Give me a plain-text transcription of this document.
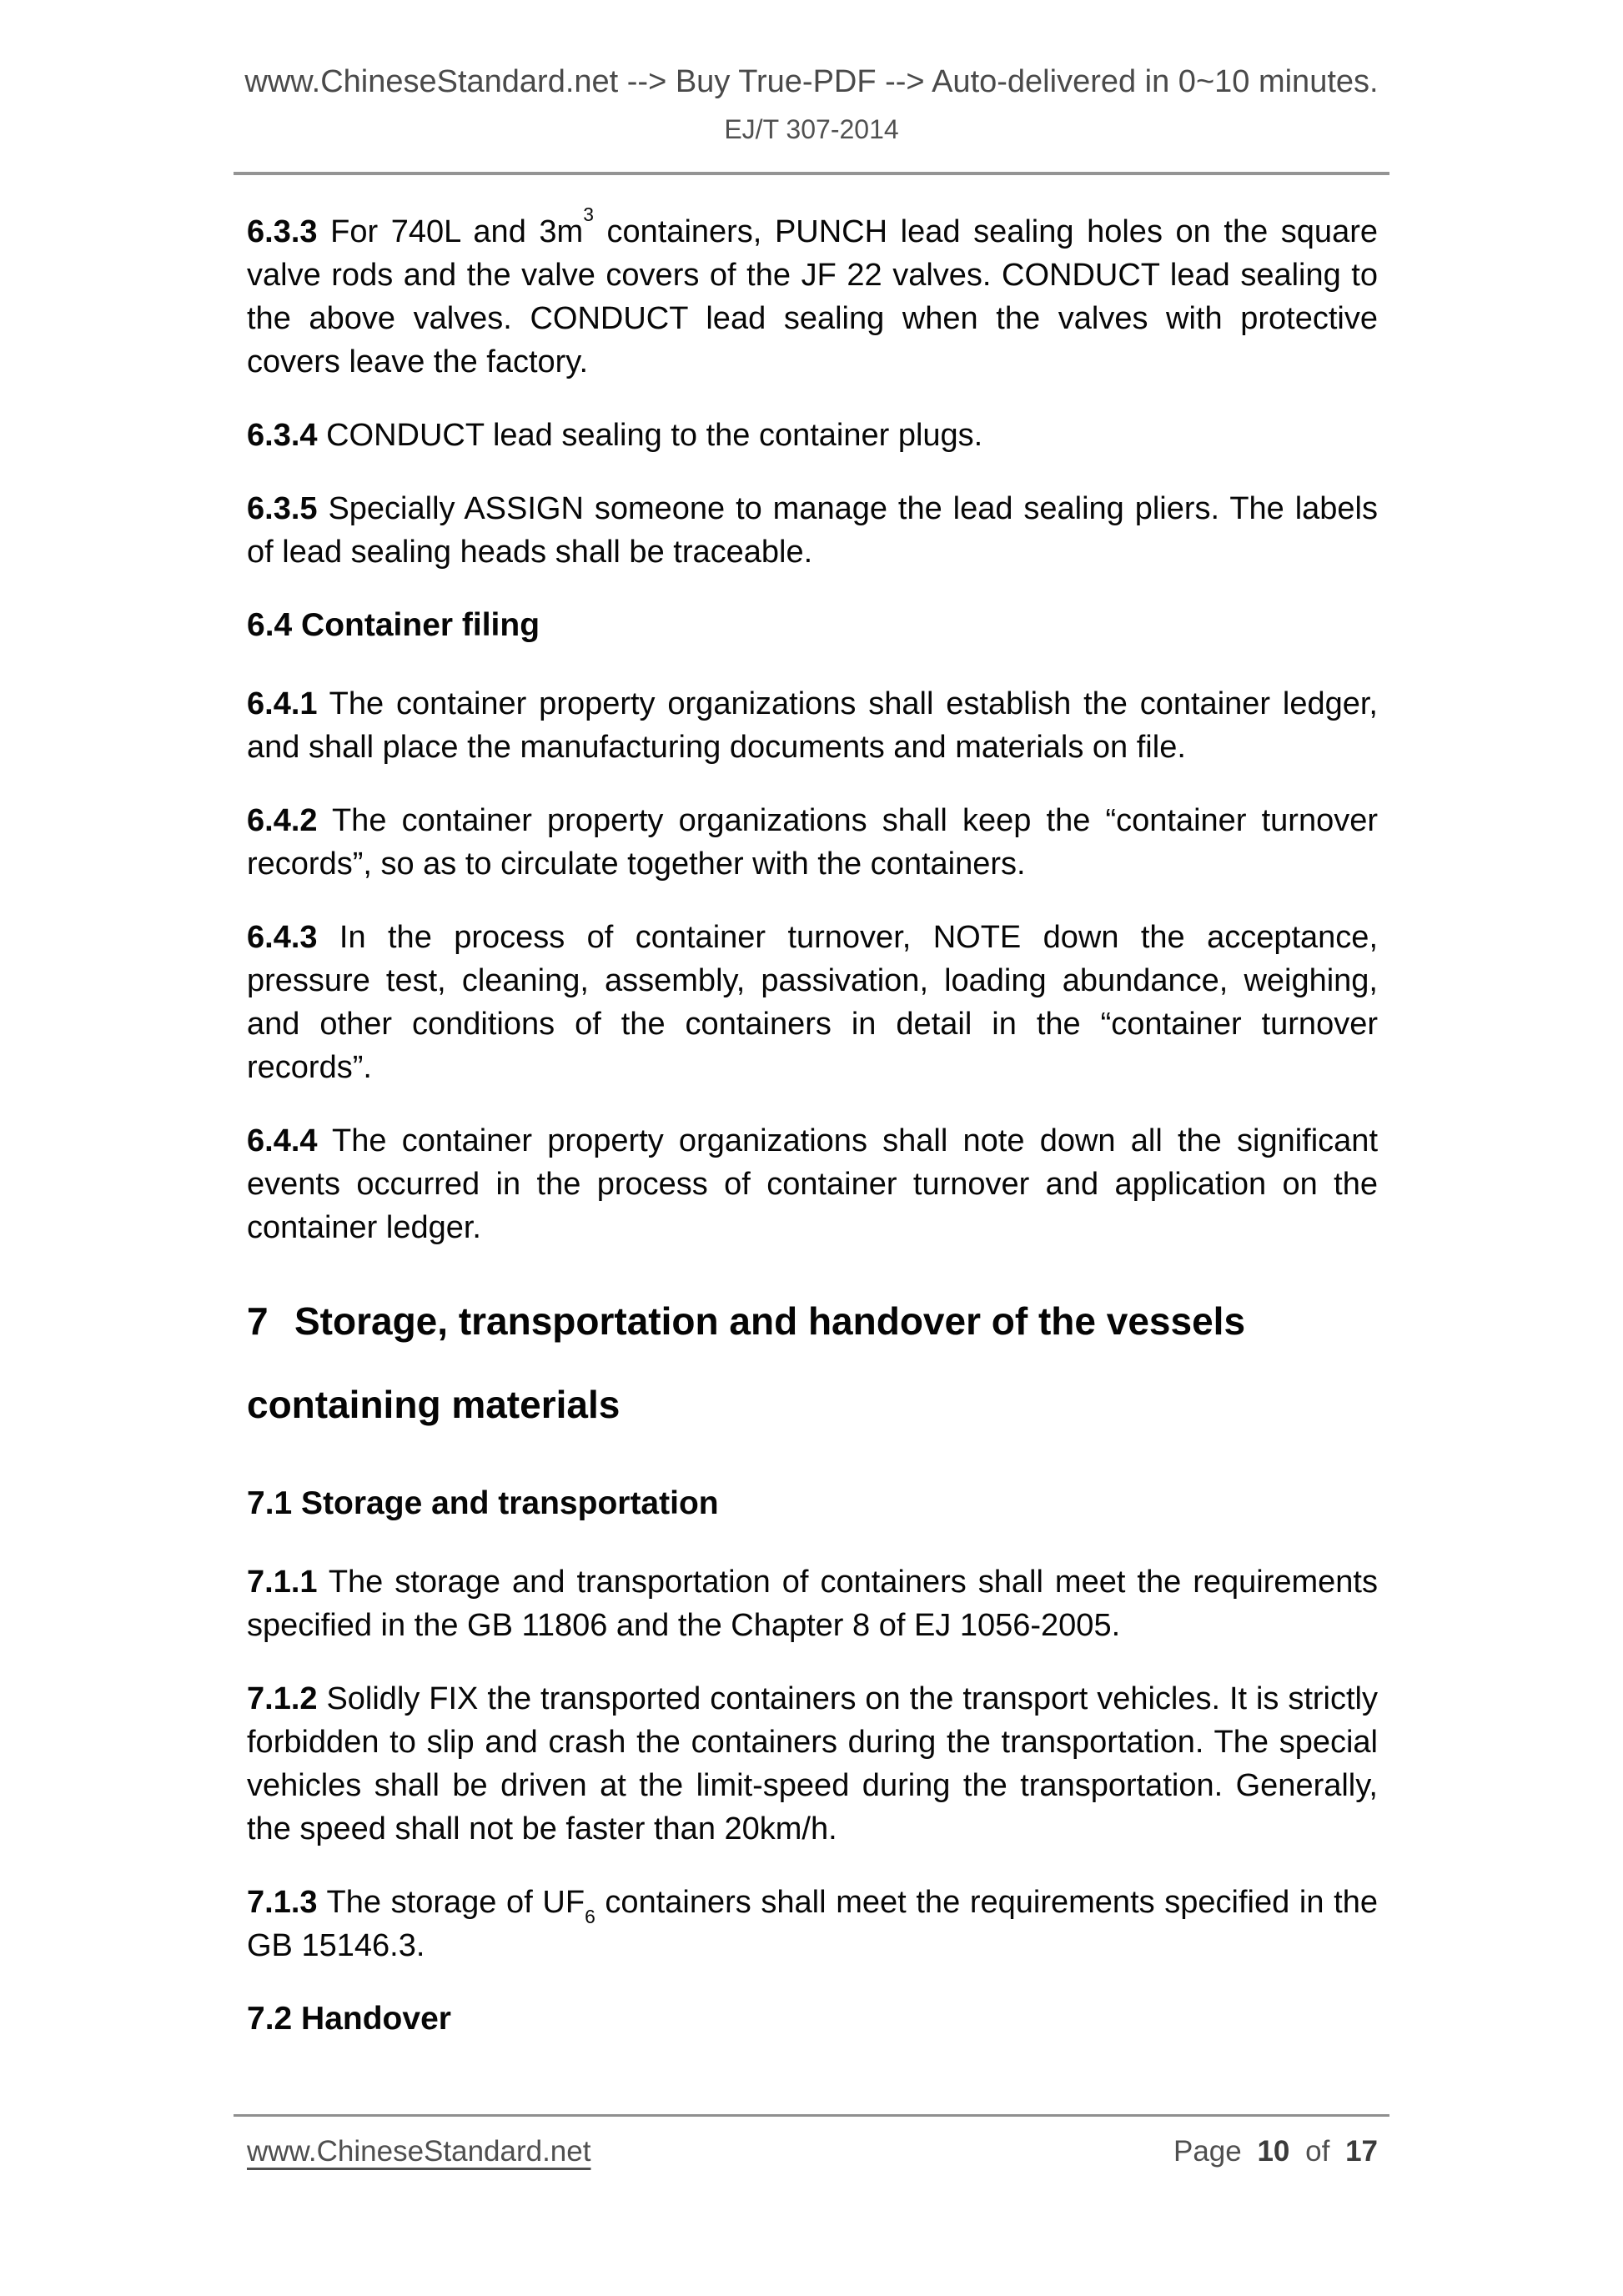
www.ChineseStandard.net --> Buy True-PDF --> Auto-delivered in 0~10 minutes.
EJ/T 307-2014

6.3.3 For 740L and $3m^3$ containers, PUNCH lead sealing holes on the square valve rods and the valve covers of the JF 22 valves. CONDUCT lead sealing to the above valves. CONDUCT lead sealing when the valves with protective covers leave the factory.

6.3.4 CONDUCT lead sealing to the container plugs.

6.3.5 Specially ASSIGN someone to manage the lead sealing pliers. The labels of lead sealing heads shall be traceable.

6.4 Container filing

6.4.1 The container property organizations shall establish the container ledger, and shall place the manufacturing documents and materials on file.

6.4.2 The container property organizations shall keep the “container turnover records”, so as to circulate together with the containers.

6.4.3 In the process of container turnover, NOTE down the acceptance, pressure test, cleaning, assembly, passivation, loading abundance, weighing, and other conditions of the containers in detail in the “container turnover records”.

6.4.4 The container property organizations shall note down all the significant events occurred in the process of container turnover and application on the container ledger.

7 Storage, transportation and handover of the vessels
containing materials

7.1 Storage and transportation

7.1.1 The storage and transportation of containers shall meet the requirements specified in the GB 11806 and the Chapter 8 of EJ 1056-2005.

7.1.2 Solidly FIX the transported containers on the transport vehicles. It is strictly forbidden to slip and crash the containers during the transportation. The special vehicles shall be driven at the limit-speed during the transportation. Generally, the speed shall not be faster than 20km/h.

7.1.3 The storage of $UF_6$ containers shall meet the requirements specified in the GB 15146.3.

7.2 Handover

www.ChineseStandard.net	Page 10 of 17
